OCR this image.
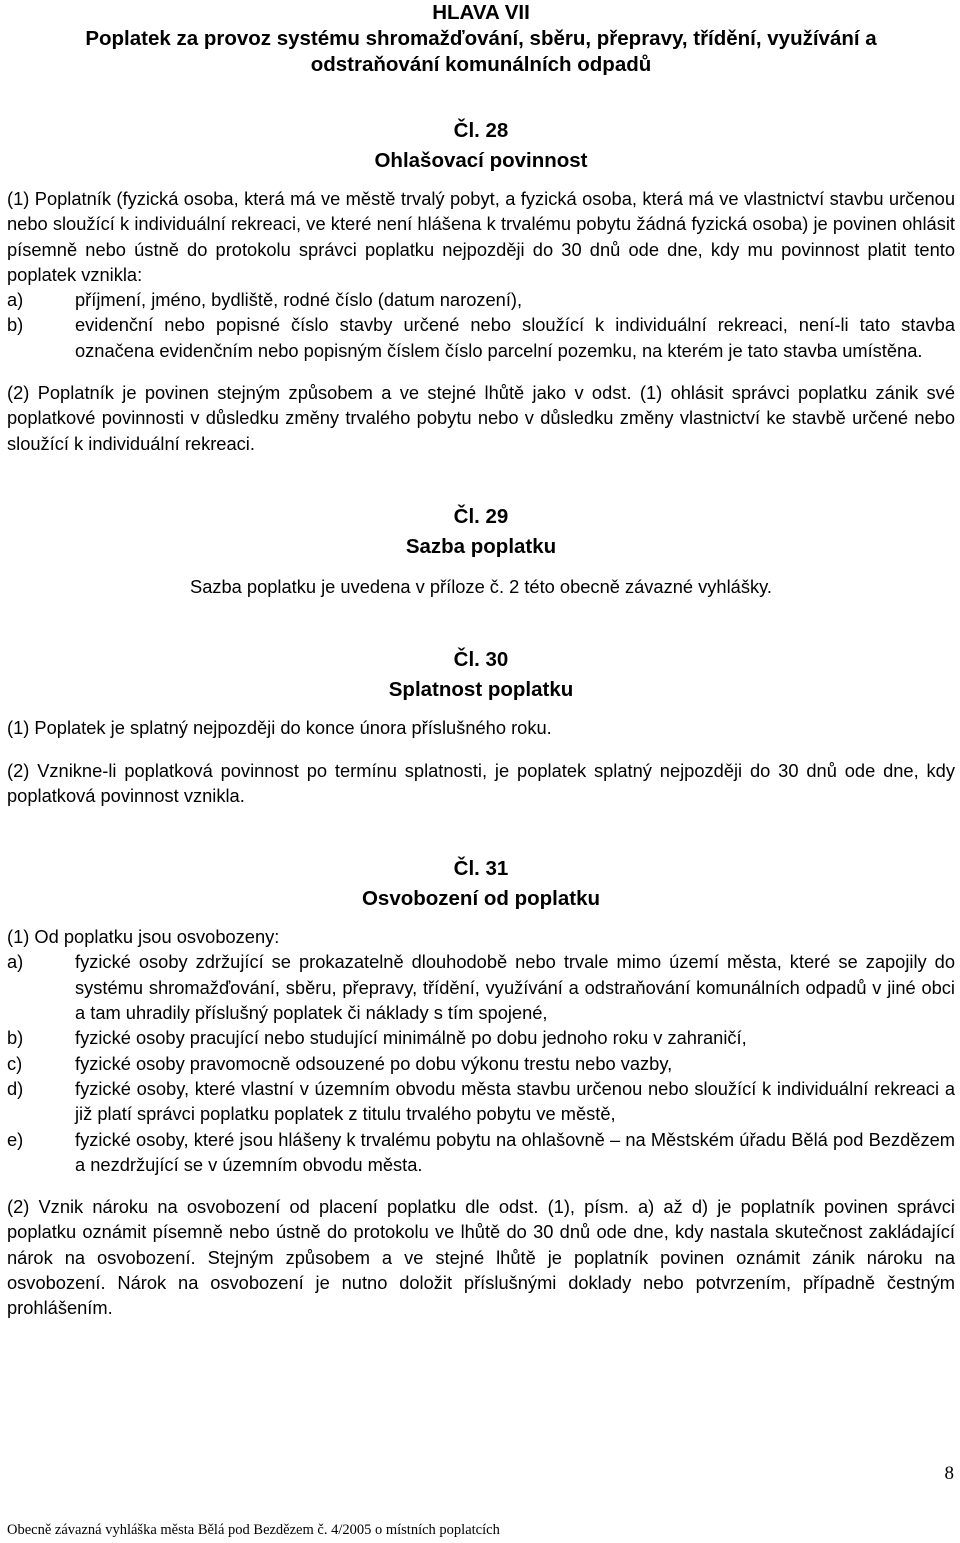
HLAVA VII
Poplatek za provoz systému shromažďování, sběru, přepravy, třídění, využívání a
odstraňování komunálních odpadů
Čl. 28
Ohlašovací povinnost

(1) Poplatník (fyzická osoba, která má ve městě trvalý pobyt, a fyzická osoba, která má ve vlastnictví stavbu určenou nebo sloužící k individuální rekreaci, ve které není hlášena k trvalému pobytu žádná fyzická osoba) je povinen ohlásit písemně nebo ústně do protokolu správci poplatku nejpozději do 30 dnů ode dne, kdy mu povinnost platit tento poplatek vznikla:

a)	příjmení, jméno, bydliště, rodné číslo (datum narození),
b)	evidenční nebo popisné číslo stavby určené nebo sloužící k individuální rekreaci, není-li tato stavba označena evidenčním nebo popisným číslem číslo parcelní pozemku, na kterém je tato stavba umístěna.

(2) Poplatník je povinen stejným způsobem a ve stejné lhůtě jako v odst. (1) ohlásit správci poplatku zánik své poplatkové povinnosti v důsledku změny trvalého pobytu nebo v důsledku změny vlastnictví ke stavbě určené nebo sloužící k individuální rekreaci.

Čl. 29
Sazba poplatku
Sazba poplatku je uvedena v příloze č. 2 této obecně závazné vyhlášky.
Čl. 30
Splatnost poplatku

(1) Poplatek je splatný nejpozději do konce února příslušného roku.

(2) Vznikne-li poplatková povinnost po termínu splatnosti, je poplatek splatný nejpozději do 30 dnů ode dne, kdy poplatková povinnost vznikla.

Čl. 31
Osvobození od poplatku

(1) Od poplatku jsou osvobozeny:

a)	fyzické osoby zdržující se prokazatelně dlouhodobě nebo trvale mimo území města, které se zapojily do systému shromažďování, sběru, přepravy, třídění, využívání a odstraňování komunálních odpadů v jiné obci a tam uhradily příslušný poplatek či náklady s tím spojené,
b)	fyzické osoby pracující nebo studující minimálně po dobu jednoho roku v zahraničí,
c)	fyzické osoby pravomocně odsouzené po dobu výkonu trestu nebo vazby,
d)	fyzické osoby, které vlastní v územním obvodu města stavbu určenou nebo sloužící k individuální rekreaci a již platí správci poplatku poplatek z titulu trvalého pobytu ve městě,
e)	fyzické osoby, které jsou hlášeny k trvalému pobytu na ohlašovně – na Městském úřadu Bělá pod Bezdězem a nezdržující se v územním obvodu města.

(2) Vznik nároku na osvobození od placení poplatku dle odst. (1), písm. a) až d) je poplatník povinen správci poplatku oznámit písemně nebo ústně do protokolu ve lhůtě do 30 dnů ode dne, kdy nastala skutečnost zakládající nárok na osvobození. Stejným způsobem a ve stejné lhůtě je poplatník povinen oznámit zánik nároku na osvobození. Nárok na osvobození je nutno doložit příslušnými doklady nebo potvrzením, případně čestným prohlášením.

8
Obecně závazná vyhláška města Bělá pod Bezdězem č. 4/2005 o místních poplatcích
